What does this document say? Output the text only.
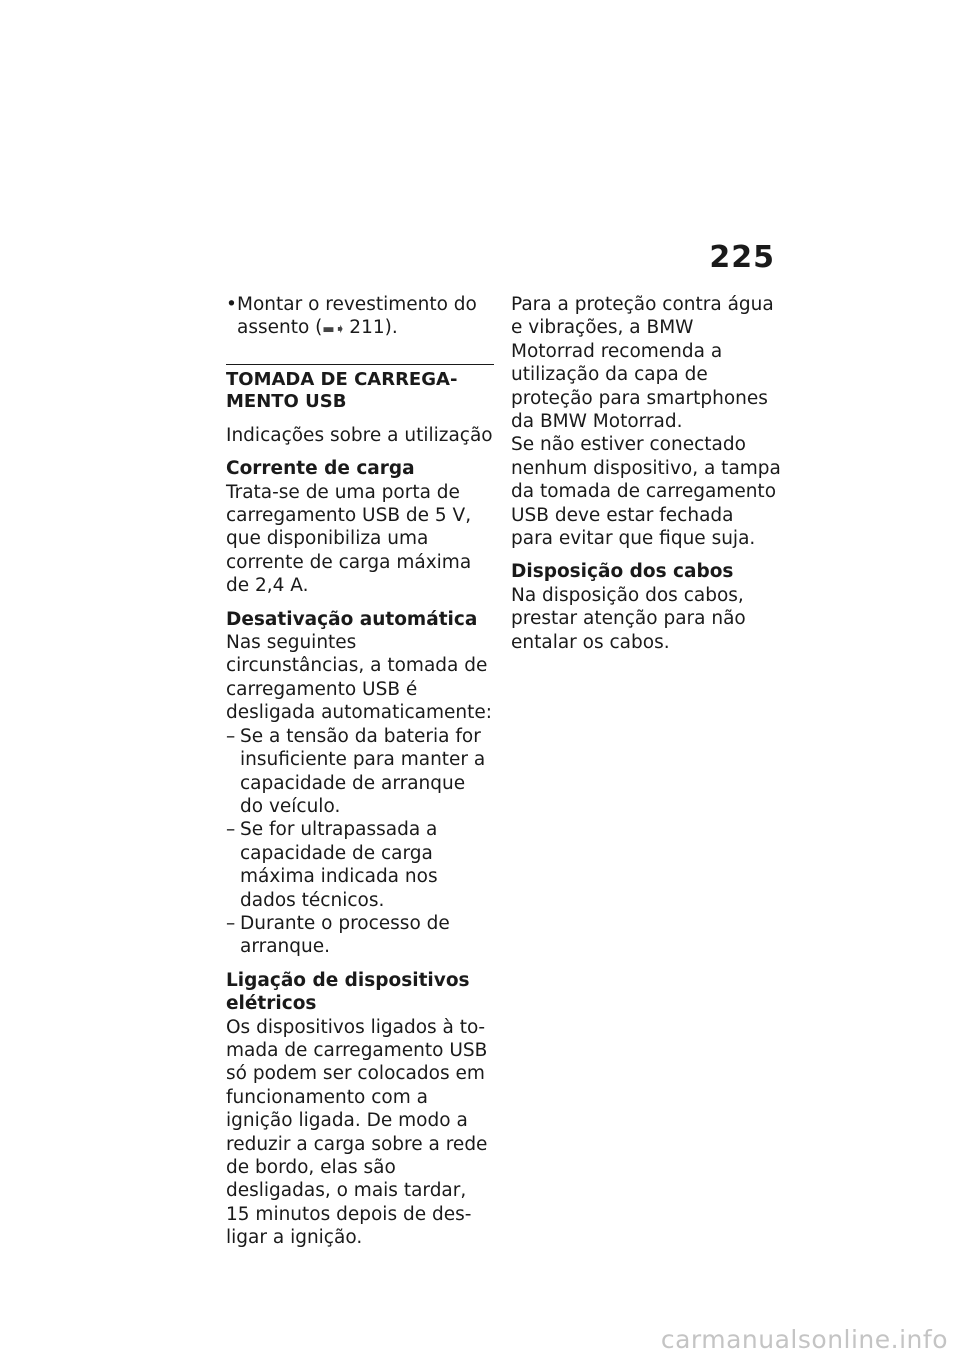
225
• Montar o revestimento do assento (▬➧  211).
TOMADA DE CARREGAMENTO USB

Indicações sobre a utilização

Corrente de carga

Trata-se de uma porta de carregamento USB de 5 V, que disponibiliza uma corrente de carga máxima de 2,4 A.

Desativação automática

Nas seguintes circunstâncias, a tomada de carregamento USB é desligada automaticamente:

– Se a tensão da bateria for insuficiente para manter a capacidade de arranque do veículo.

– Se for ultrapassada a capacidade de carga máxima indicada nos dados técnicos.

– Durante o processo de arranque.

Ligação de dispositivos elétricos

Os dispositivos ligados à tomada de carregamento USB só podem ser colocados em funcionamento com a ignição ligada. De modo a reduzir a carga sobre a rede de bordo, elas são desligadas, o mais tardar, 15 minutos depois de desligar a ignição.

Para a proteção contra água e vibrações, a BMW Motorrad recomenda a utilização da capa de proteção para smartphones da BMW Motorrad.

Se não estiver conectado nenhum dispositivo, a tampa da tomada de carregamento USB deve estar fechada para evitar que fique suja.

Disposição dos cabos

Na disposição dos cabos, prestar atenção para não entalar os cabos.

carmanualsonline.info
